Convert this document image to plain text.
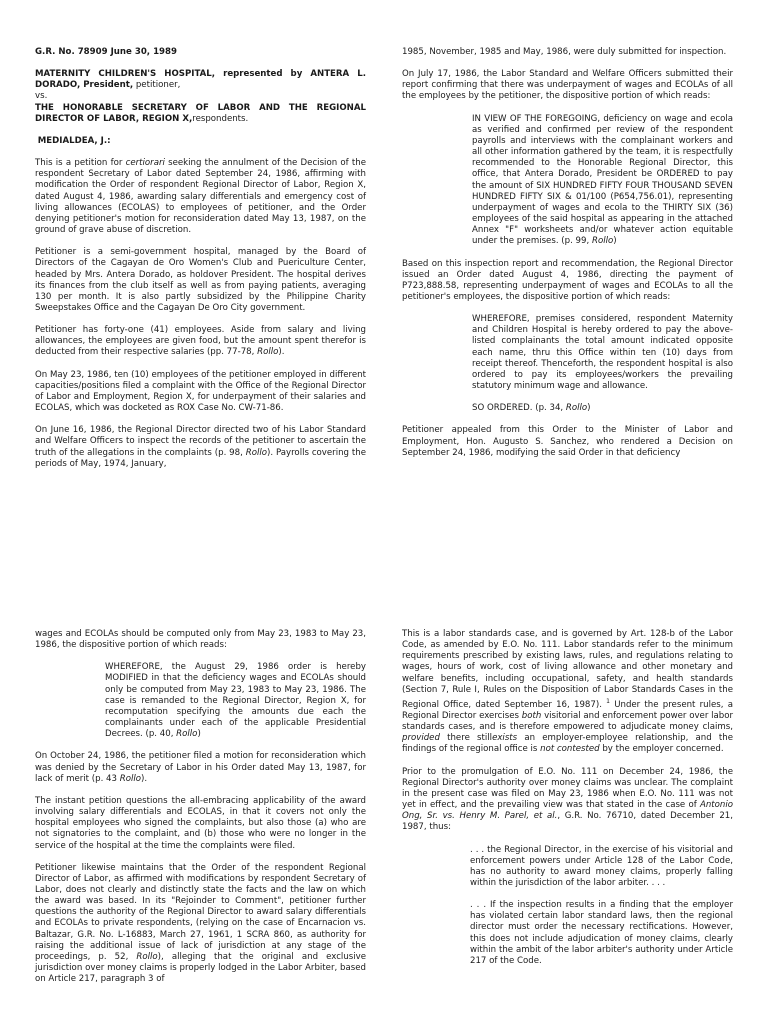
G.R. No. 78909 June 30, 1989

MATERNITY CHILDREN'S HOSPITAL, represented by ANTERA L. DORADO, President, petitioner,

vs.

THE HONORABLE SECRETARY OF LABOR AND THE REGIONAL DIRECTOR OF LABOR, REGION X,respondents.

MEDIALDEA, J.:

This is a petition for certiorari seeking the annulment of the Decision of the respondent Secretary of Labor dated September 24, 1986, affirming with modification the Order of respondent Regional Director of Labor, Region X, dated August 4, 1986, awarding salary differentials and emergency cost of living allowances (ECOLAS) to employees of petitioner, and the Order denying petitioner's motion for reconsideration dated May 13, 1987, on the ground of grave abuse of discretion.

Petitioner is a semi-government hospital, managed by the Board of Directors of the Cagayan de Oro Women's Club and Puericulture Center, headed by Mrs. Antera Dorado, as holdover President. The hospital derives its finances from the club itself as well as from paying patients, averaging 130 per month. It is also partly subsidized by the Philippine Charity Sweepstakes Office and the Cagayan De Oro City government.

Petitioner has forty-one (41) employees. Aside from salary and living allowances, the employees are given food, but the amount spent therefor is deducted from their respective salaries (pp. 77-78, Rollo).

On May 23, 1986, ten (10) employees of the petitioner employed in different capacities/positions filed a complaint with the Office of the Regional Director of Labor and Employment, Region X, for underpayment of their salaries and ECOLAS, which was docketed as ROX Case No. CW-71-86.

On June 16, 1986, the Regional Director directed two of his Labor Standard and Welfare Officers to inspect the records of the petitioner to ascertain the truth of the allegations in the complaints (p. 98, Rollo). Payrolls covering the periods of May, 1974, January,

1985, November, 1985 and May, 1986, were duly submitted for inspection.

On July 17, 1986, the Labor Standard and Welfare Officers submitted their report confirming that there was underpayment of wages and ECOLAs of all the employees by the petitioner, the dispositive portion of which reads:

IN VIEW OF THE FOREGOING, deficiency on wage and ecola as verified and confirmed per review of the respondent payrolls and interviews with the complainant workers and all other information gathered by the team, it is respectfully recommended to the Honorable Regional Director, this office, that Antera Dorado, President be ORDERED to pay the amount of SIX HUNDRED FIFTY FOUR THOUSAND SEVEN HUNDRED FIFTY SIX & 01/100 (P654,756.01), representing underpayment of wages and ecola to the THIRTY SIX (36) employees of the said hospital as appearing in the attached Annex "F" worksheets and/or whatever action equitable under the premises. (p. 99, Rollo)

Based on this inspection report and recommendation, the Regional Director issued an Order dated August 4, 1986, directing the payment of P723,888.58, representing underpayment of wages and ECOLAs to all the petitioner's employees, the dispositive portion of which reads:

WHEREFORE, premises considered, respondent Maternity and Children Hospital is hereby ordered to pay the above-listed complainants the total amount indicated opposite each name, thru this Office within ten (10) days from receipt thereof. Thenceforth, the respondent hospital is also ordered to pay its employees/workers the prevailing statutory minimum wage and allowance.

SO ORDERED. (p. 34, Rollo)

Petitioner appealed from this Order to the Minister of Labor and Employment, Hon. Augusto S. Sanchez, who rendered a Decision on September 24, 1986, modifying the said Order in that deficiency

wages and ECOLAs should be computed only from May 23, 1983 to May 23, 1986, the dispositive portion of which reads:

WHEREFORE, the August 29, 1986 order is hereby MODIFIED in that the deficiency wages and ECOLAs should only be computed from May 23, 1983 to May 23, 1986. The case is remanded to the Regional Director, Region X, for recomputation specifying the amounts due each the complainants under each of the applicable Presidential Decrees. (p. 40, Rollo)

On October 24, 1986, the petitioner filed a motion for reconsideration which was denied by the Secretary of Labor in his Order dated May 13, 1987, for lack of merit (p. 43 Rollo).

The instant petition questions the all-embracing applicability of the award involving salary differentials and ECOLAS, in that it covers not only the hospital employees who signed the complaints, but also those (a) who are not signatories to the complaint, and (b) those who were no longer in the service of the hospital at the time the complaints were filed.

Petitioner likewise maintains that the Order of the respondent Regional Director of Labor, as affirmed with modifications by respondent Secretary of Labor, does not clearly and distinctly state the facts and the law on which the award was based. In its "Rejoinder to Comment", petitioner further questions the authority of the Regional Director to award salary differentials and ECOLAs to private respondents, (relying on the case of Encarnacion vs. Baltazar, G.R. No. L-16883, March 27, 1961, 1 SCRA 860, as authority for raising the additional issue of lack of jurisdiction at any stage of the proceedings, p. 52, Rollo), alleging that the original and exclusive jurisdiction over money claims is properly lodged in the Labor Arbiter, based on Article 217, paragraph 3 of

This is a labor standards case, and is governed by Art. 128-b of the Labor Code, as amended by E.O. No. 111. Labor standards refer to the minimum requirements prescribed by existing laws, rules, and regulations relating to wages, hours of work, cost of living allowance and other monetary and welfare benefits, including occupational, safety, and health standards (Section 7, Rule I, Rules on the Disposition of Labor Standards Cases in the Regional Office, dated September 16, 1987). $^1$ Under the present rules, a Regional Director exercises both visitorial and enforcement power over labor standards cases, and is therefore empowered to adjudicate money claims, provided there stillexists an employer-employee relationship, and the findings of the regional office is not contested by the employer concerned.

Prior to the promulgation of E.O. No. 111 on December 24, 1986, the Regional Director's authority over money claims was unclear. The complaint in the present case was filed on May 23, 1986 when E.O. No. 111 was not yet in effect, and the prevailing view was that stated in the case of Antonio Ong, Sr. vs. Henry M. Parel, et al., G.R. No. 76710, dated December 21, 1987, thus:

. . . the Regional Director, in the exercise of his visitorial and enforcement powers under Article 128 of the Labor Code, has no authority to award money claims, properly falling within the jurisdiction of the labor arbiter. . . .

. . . If the inspection results in a finding that the employer has violated certain labor standard laws, then the regional director must order the necessary rectifications. However, this does not include adjudication of money claims, clearly within the ambit of the labor arbiter's authority under Article 217 of the Code.
